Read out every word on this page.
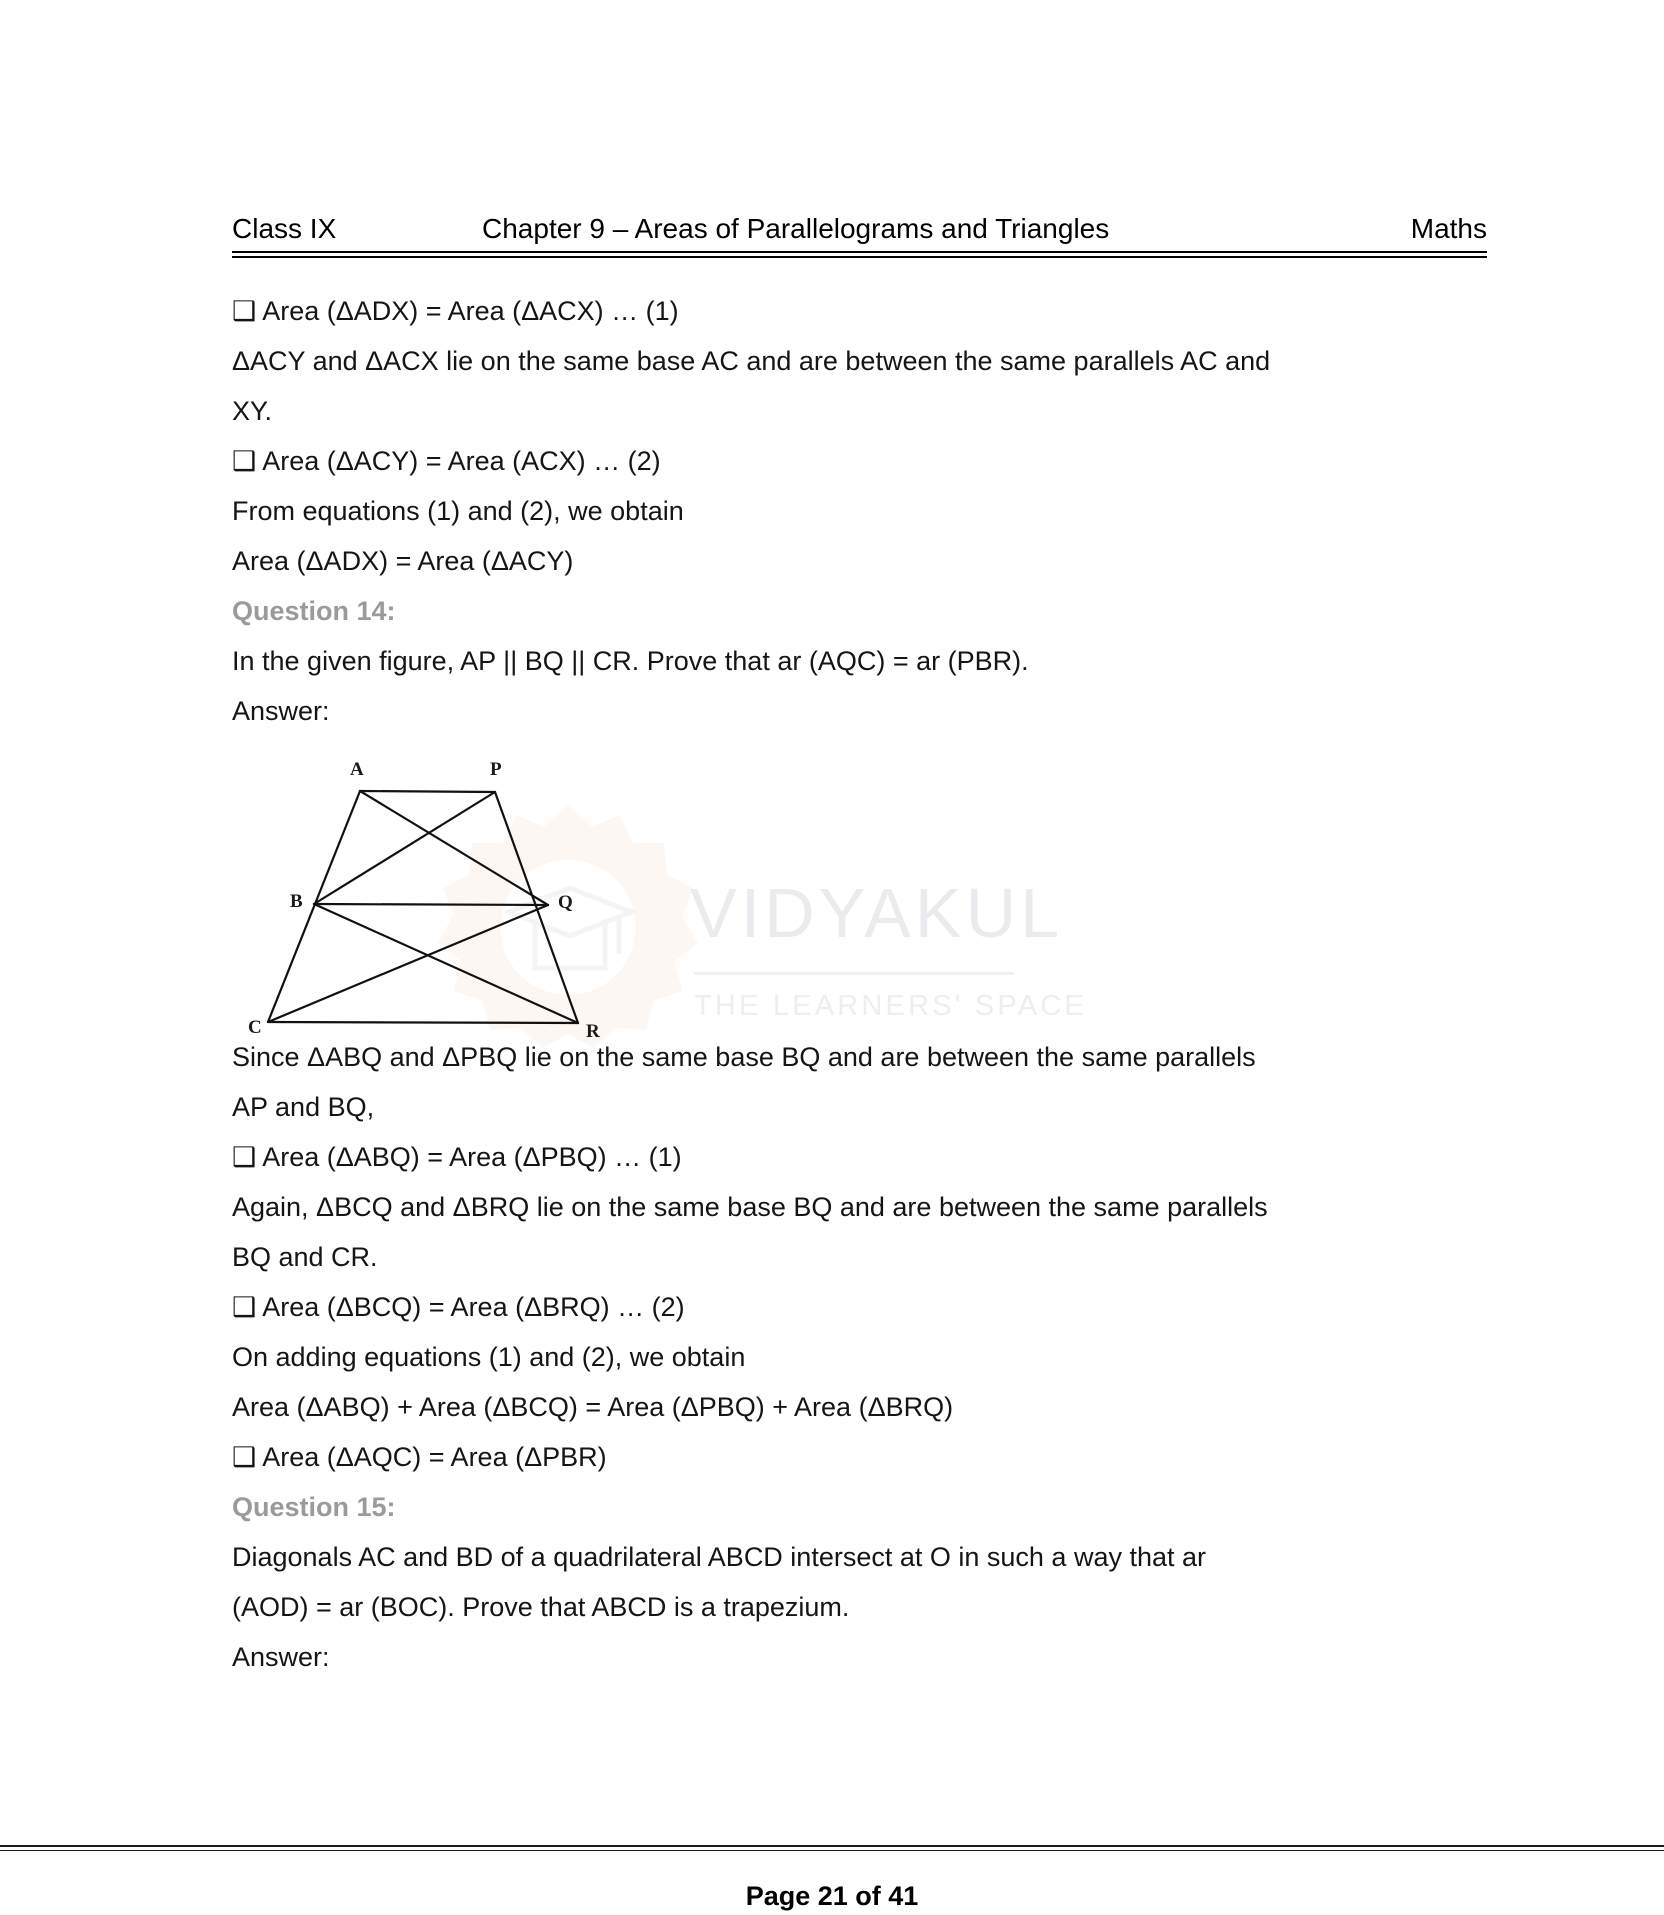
VIDYAKUL
THE LEARNERS' SPACE
Class IX	Chapter 9 – Areas of Parallelograms and Triangles	Maths
❑ Area (ΔADX) = Area (ΔACX) … (1)
ΔACY and ΔACX lie on the same base AC and are between the same parallels AC and
XY.
❑ Area (ΔACY) = Area (ACX) … (2)
From equations (1) and (2), we obtain
Area (ΔADX) = Area (ΔACY)
Question 14:
In the given figure, AP || BQ || CR. Prove that ar (AQC) = ar (PBR).
Answer:
Since ΔABQ and ΔPBQ lie on the same base BQ and are between the same parallels
AP and BQ,
❑ Area (ΔABQ) = Area (ΔPBQ) … (1)
Again, ΔBCQ and ΔBRQ lie on the same base BQ and are between the same parallels
BQ and CR.
❑ Area (ΔBCQ) = Area (ΔBRQ) … (2)
On adding equations (1) and (2), we obtain
Area (ΔABQ) + Area (ΔBCQ) = Area (ΔPBQ) + Area (ΔBRQ)
❑ Area (ΔAQC) = Area (ΔPBR)
Question 15:
Diagonals AC and BD of a quadrilateral ABCD intersect at O in such a way that ar
(AOD) = ar (BOC). Prove that ABCD is a trapezium.
Answer:
A	P
B	Q
C	R
Page 21 of 41
